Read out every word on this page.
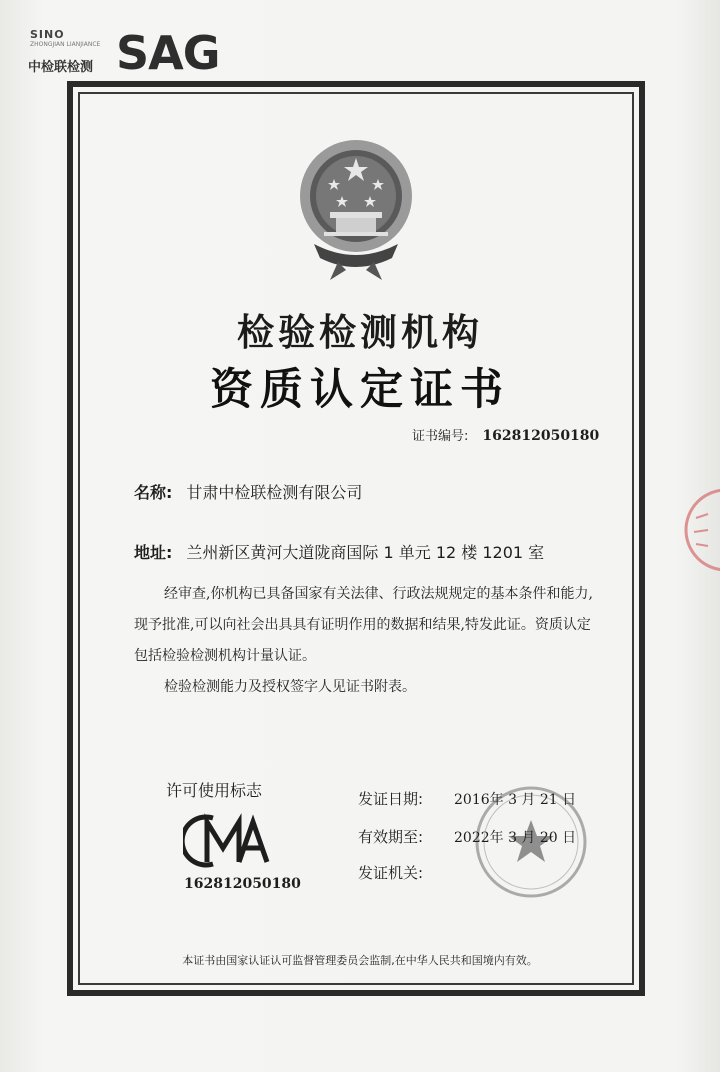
SINO
ZHONGJIAN LIANJIANCE
中检联检测 SAG
检验检测机构
资质认定证书
证书编号: 162812050180
名称: 甘肃中检联检测有限公司
地址: 兰州新区黄河大道陇商国际 1 单元 12 楼 1201 室

经审查,你机构已具备国家有关法律、行政法规规定的基本条件和能力,现予批准,可以向社会出具具有证明作用的数据和结果,特发此证。资质认定包括检验检测机构计量认证。

检验检测能力及授权签字人见证书附表。

许可使用标志
162812050180
发证日期: 2016年 3 月 21 日
有效期至: 2022年 3 月 20 日
发证机关:
本证书由国家认证认可监督管理委员会监制,在中华人民共和国境内有效。
